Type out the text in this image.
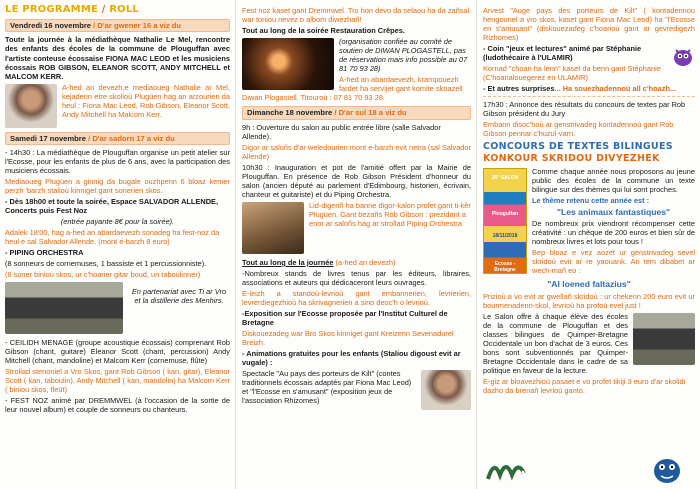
LE PROGRAMME / ROLL
Vendredi 16 novembre / D'ar gwener 16 a viz du

Toute la journée à la médiathèque Nathalie Le Mel, rencontre des enfants des écoles de la commune de Plouguffan avec l'artiste conteuse écossaise FIONA MAC LEOD et les musiciens écossais ROB GIBSON, ELEANOR SCOTT, ANDY MITCHELL et MALCOM KERR.

A-hed an devezh,e mediaoueg Nathalie ar Mel, kejadenn etre skolioù Plugüen hag an arzourien da heul : Fiona Mac Leod, Rob Gibson, Eleanor Scott, Andy Mitchell ha Malcom Kerr.

Samedi 17 novembre / D'ar sadorn 17 a viz du

- 14h30 : La médiathèque de Plouguffan organise un petit atelier sur l'Ecosse, pour les enfants de plus de 6 ans, avec la participation des musiciens écossais.

Mediaoueg Plugüen a ginnig da bugale ouzhpenn 6 bloaz kemer perzh 'barzh stalioù kinniget gant sonerien skos.

- Dès 18h00 et toute la soirée, Espace SALVADOR ALLENDE, Concerts puis Fest Noz

(entrée payante 8€ pour la soirée).

Adalek 18'00, hag a-hed an abardaevezh sonadeg ha fest-noz da heul e sal Salvador Allende. (mont e-barzh 8 euro)

- PIPING ORCHESTRA

(8 sonneurs de cornemuses, 1 bassiste et 1 percussionniste).

(8 soner biniou skos, ur c'hoarier gitar boud, un taboulinner)

En partenariat avec Ti ar Vro et la distillerie des Menhirs.

- CEILIDH MENAGE (groupe acoustique écossais) comprenant Rob Gibson (chant, guitare) Eleanor Scott (chant, percussion) Andy Mitchell (chant, mandoline) et Malcom Kerr (cornemuse, flûte)

Strollad stenoniel a Vro Skos, gant Rob Gibson ( kan, gitar), Eleanor Scott ( kan, taboulin), Andy Mitchell ( kan, mandolin) ha Malcom Kerr ( biniou skos, fleüt)

- FEST NOZ animé par DREMMWEL (à l'occasion de la sortie de leur nouvel album) et couple de sonneurs ou chanteurs.

Fest noz kaset gant Dremmwel. Tro hon devo da selaou ha da zañsal war toniou nevez o albom diwezhañ!

Tout au long de la soirée Restauration Crêpes.

(organisation confiée au comité de soutien de DIWAN PLOGASTELL, pas de réservation mais info possible au 07 81 70 93 28)

A-hed an abardaevezh, krampouezh fardet ha servijet gant komite skoazell Diwan Plogastell. Titouroù : 07 81 70 93 28

Dimanche 18 novembre / D'ar sul 18 a viz du

9h : Ouverture du salon au public entrée libre (salle Salvador Allende).

Digor ar saloñs d'ar weledourien mont e-barzh evit netra (sal Salvador Allende)

10h30 : Inauguration et pot de l'amitié offert par la Mairie de Plouguffan. En présence de Rob Gibson Président d'honneur du salon (ancien député au parlement d'Edimbourg, historien, écrivain, chanteur et guitariste) et du Piping Orchestra.

Lid-digeriñ ha banne digor-kalon profet gant ti-kêr Plugüen. Gant bezañs Rob Gibson : prezidant a enor ar saloñs hag ar strollad Piping Orchestra

Tout au long de la journée (a-hed an devezh)

-Nombreux stands de livres tenus par les éditeurs, libraires, associations et auteurs qui dédicaceront leurs ouvrages.

E-leizh a standoù-levrioù gant embannerien, levrierien, levrerdiegezhioù ha skrivagnerien a sino deoc'h o levrioù.

-Exposition sur l'Ecosse proposée par l'Institut Culturel de Bretagne

Diskouezadeg war Bro Skos kinniget gant Kreizenn Sevenadurel Breizh.

- Animations gratuites pour les enfants (Staliou digoust evit ar vugale) :

Spectacle "Au pays des porteurs de Kilt" (contes traditionnels écossais adaptés par Fiona Mac Leod) et "l'Ecosse en s'amusant" (exposition jeux de l'association Rhizomes)

Arvest "Auge pays des porteurs de Kilt" ( kontadennou hengounel a vro skos, kaset gant Fiona Mac Leod) ha "l'Ecosse en s'amusant" (diskouezadeg c'hoarioù gant ar gevredigezh Rizhomes)

- Coin "jeux et lectures" animé par Stéphanie (ludothécaire à l'ULAMIR)

Kornad "choari ha lenn" kaset da benn gant Stéphanie (C'hoarialouegerez en ULAMIR)

- Et autres surprises... Ha souezhadennoù all c'hoazh...

17h30 : Annonce des résultats du concours de textes par Rob Gibson président du Jury

Embann disoc'hoù ar genstrivadeg kontadennoù gant Rob Gibson pennar c'huzul-varn.

CONCOURS DE TEXTES BILINGUES
KONKOUR SKRIDOU DIVYEZHEK
26° SALON
Plouguffan
18/11/2018
Ecosse - Bretagne

Comme chaque année nous proposons au jeune public des écoles de la commune un texte bilingue sur des thèmes qui lui sont proches.

Le thème retenu cette année est :

"Les animaux fantastiques"

De nombreux prix viendront récompenser cette créativité : un chèque de 200 euros et bien sûr de nombreux livres et lots pour tous !

Bep bloaz e vez aozet ur genstrivadeg sevel skridoù evit ar re yaouank. An tem dibabet ar wech-mañ eo :

"Al loened faltazius"

Prizioù a vo evit ar gwellañ skridoù : ur chekenn 200 euro evit ur bourmenadenn-skol, levrioù ha profoù evel just !

Le Salon offre à chaque élève des écoles de la commune de Plouguffan et des classes bilingues de Quimper-Bretagne Occidentale un bon d'achat de 3 euros. Ces bons sont subventionnés par Quimper-Bretagne Occidentale dans le cadre de sa politique en faveur de la lecture.

E-giz ar bloavezhioù pasaet e vo profet tikiji 3 euro d'ar skolidi dazho da brenañ levrioù ganto.
